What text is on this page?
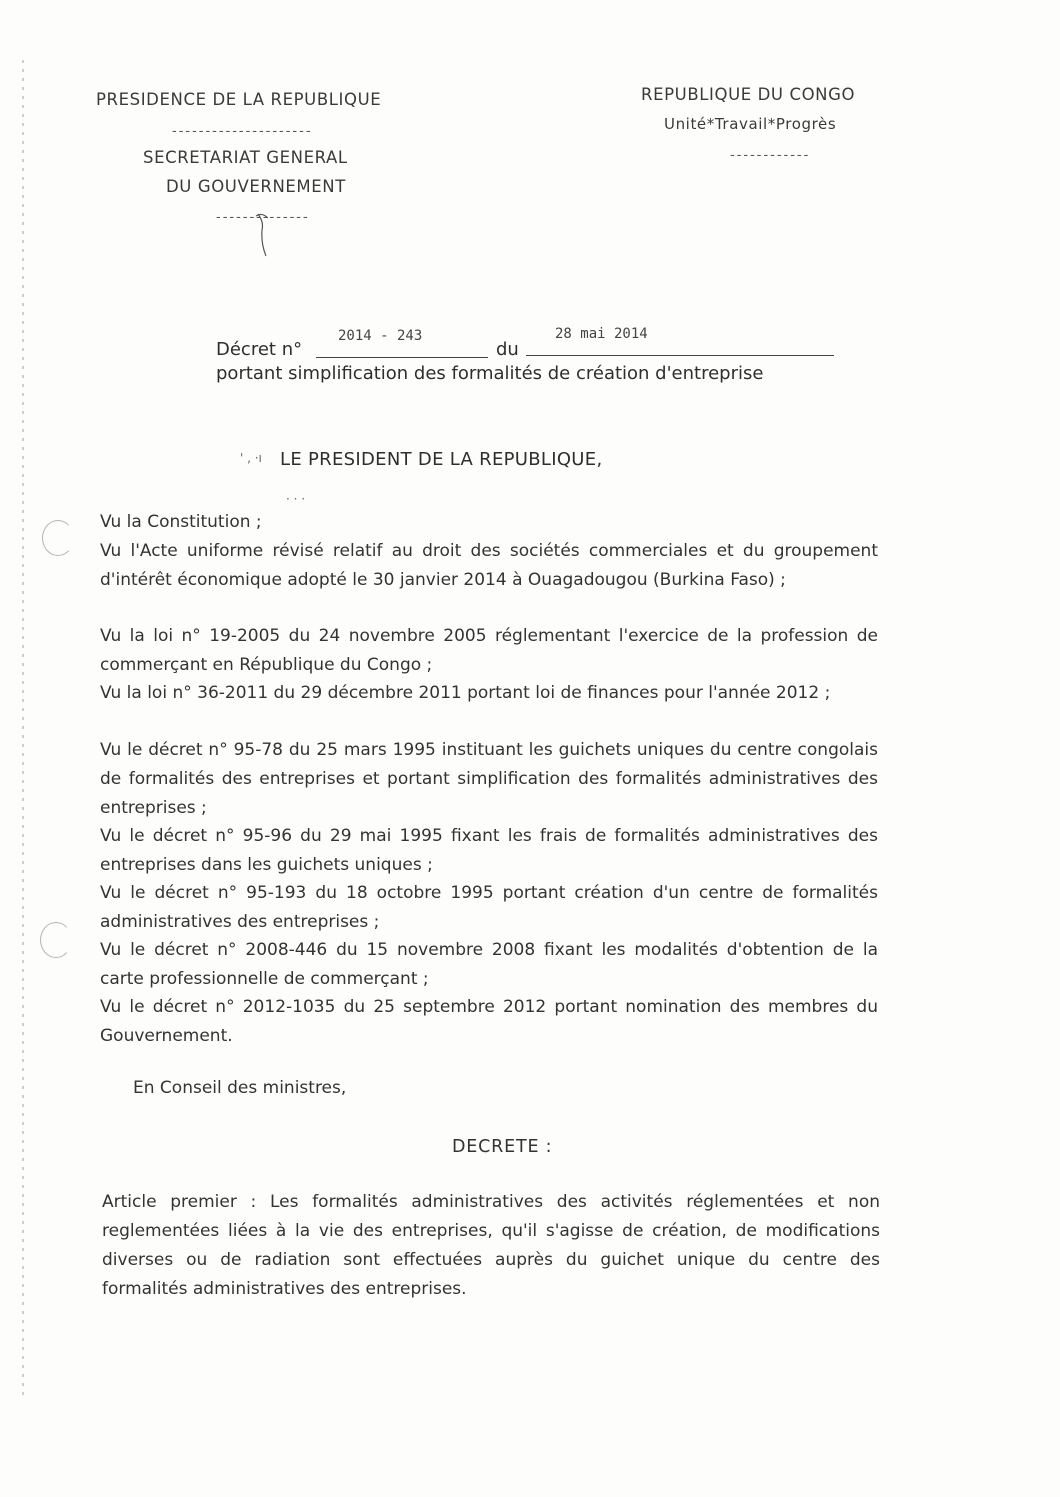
PRESIDENCE DE LA REPUBLIQUE
---------------------
SECRETARIAT GENERAL
DU GOUVERNEMENT
--------------
REPUBLIQUE DU CONGO
Unité*Travail*Progrès
------------
Décret n°
2014 - 243
du
28 mai 2014
portant simplification des formalités de création d'entreprise
' , ·ı LE PRESIDENT DE LA REPUBLIQUE,
· · ·
Vu la Constitution ;
Vu l'Acte uniforme révisé relatif au droit des sociétés commerciales et du groupement d'intérêt économique adopté le 30 janvier 2014 à Ouagadougou (Burkina Faso) ;
Vu la loi n° 19-2005 du 24 novembre 2005 réglementant l'exercice de la profession de commerçant en République du Congo ;
Vu la loi n° 36-2011 du 29 décembre 2011 portant loi de finances pour l'année 2012 ;
Vu le décret n° 95-78 du 25 mars 1995 instituant les guichets uniques du centre congolais de formalités des entreprises et portant simplification des formalités administratives des entreprises ;
Vu le décret n° 95-96 du 29 mai 1995 fixant les frais de formalités administratives des entreprises dans les guichets uniques ;
Vu le décret n° 95-193 du 18 octobre 1995 portant création d'un centre de formalités administratives des entreprises ;
Vu le décret n° 2008-446 du 15 novembre 2008 fixant les modalités d'obtention de la carte professionnelle de commerçant ;
Vu le décret n° 2012-1035 du 25 septembre 2012 portant nomination des membres du Gouvernement.
En Conseil des ministres,
DECRETE :
Article premier : Les formalités administratives des activités réglementées et non reglementées liées à la vie des entreprises, qu'il s'agisse de création, de modifications diverses ou de radiation sont effectuées auprès du guichet unique du centre des formalités administratives des entreprises.
